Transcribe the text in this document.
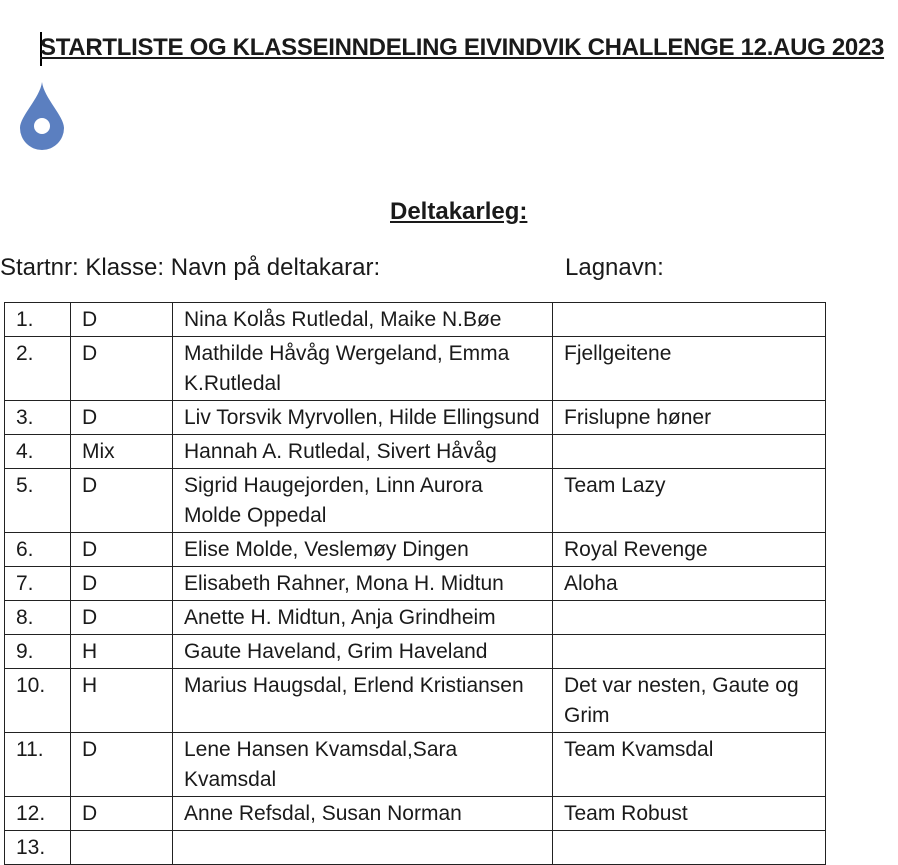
STARTLISTE OG KLASSEINNDELING EIVINDVIK CHALLENGE 12.AUG 2023
Deltakarleg:
Startnr: Klasse: Navn på deltakarar:	Lagnavn:
1.	D	Nina Kolås Rutledal, Maike N.Bøe	
2.	D	Mathilde Håvåg Wergeland, Emma K.Rutledal	Fjellgeitene
3.	D	Liv Torsvik Myrvollen, Hilde Ellingsund	Frislupne høner
4.	Mix	Hannah A. Rutledal, Sivert Håvåg	
5.	D	Sigrid Haugejorden, Linn Aurora Molde Oppedal	Team Lazy
6.	D	Elise Molde, Veslemøy Dingen	Royal Revenge
7.	D	Elisabeth Rahner, Mona H. Midtun	Aloha
8.	D	Anette H. Midtun, Anja Grindheim	
9.	H	Gaute Haveland, Grim Haveland	
10.	H	Marius Haugsdal, Erlend Kristiansen	Det var nesten, Gaute og Grim
11.	D	Lene Hansen Kvamsdal,Sara Kvamsdal	Team Kvamsdal
12.	D	Anne Refsdal, Susan Norman	Team Robust
13.			
